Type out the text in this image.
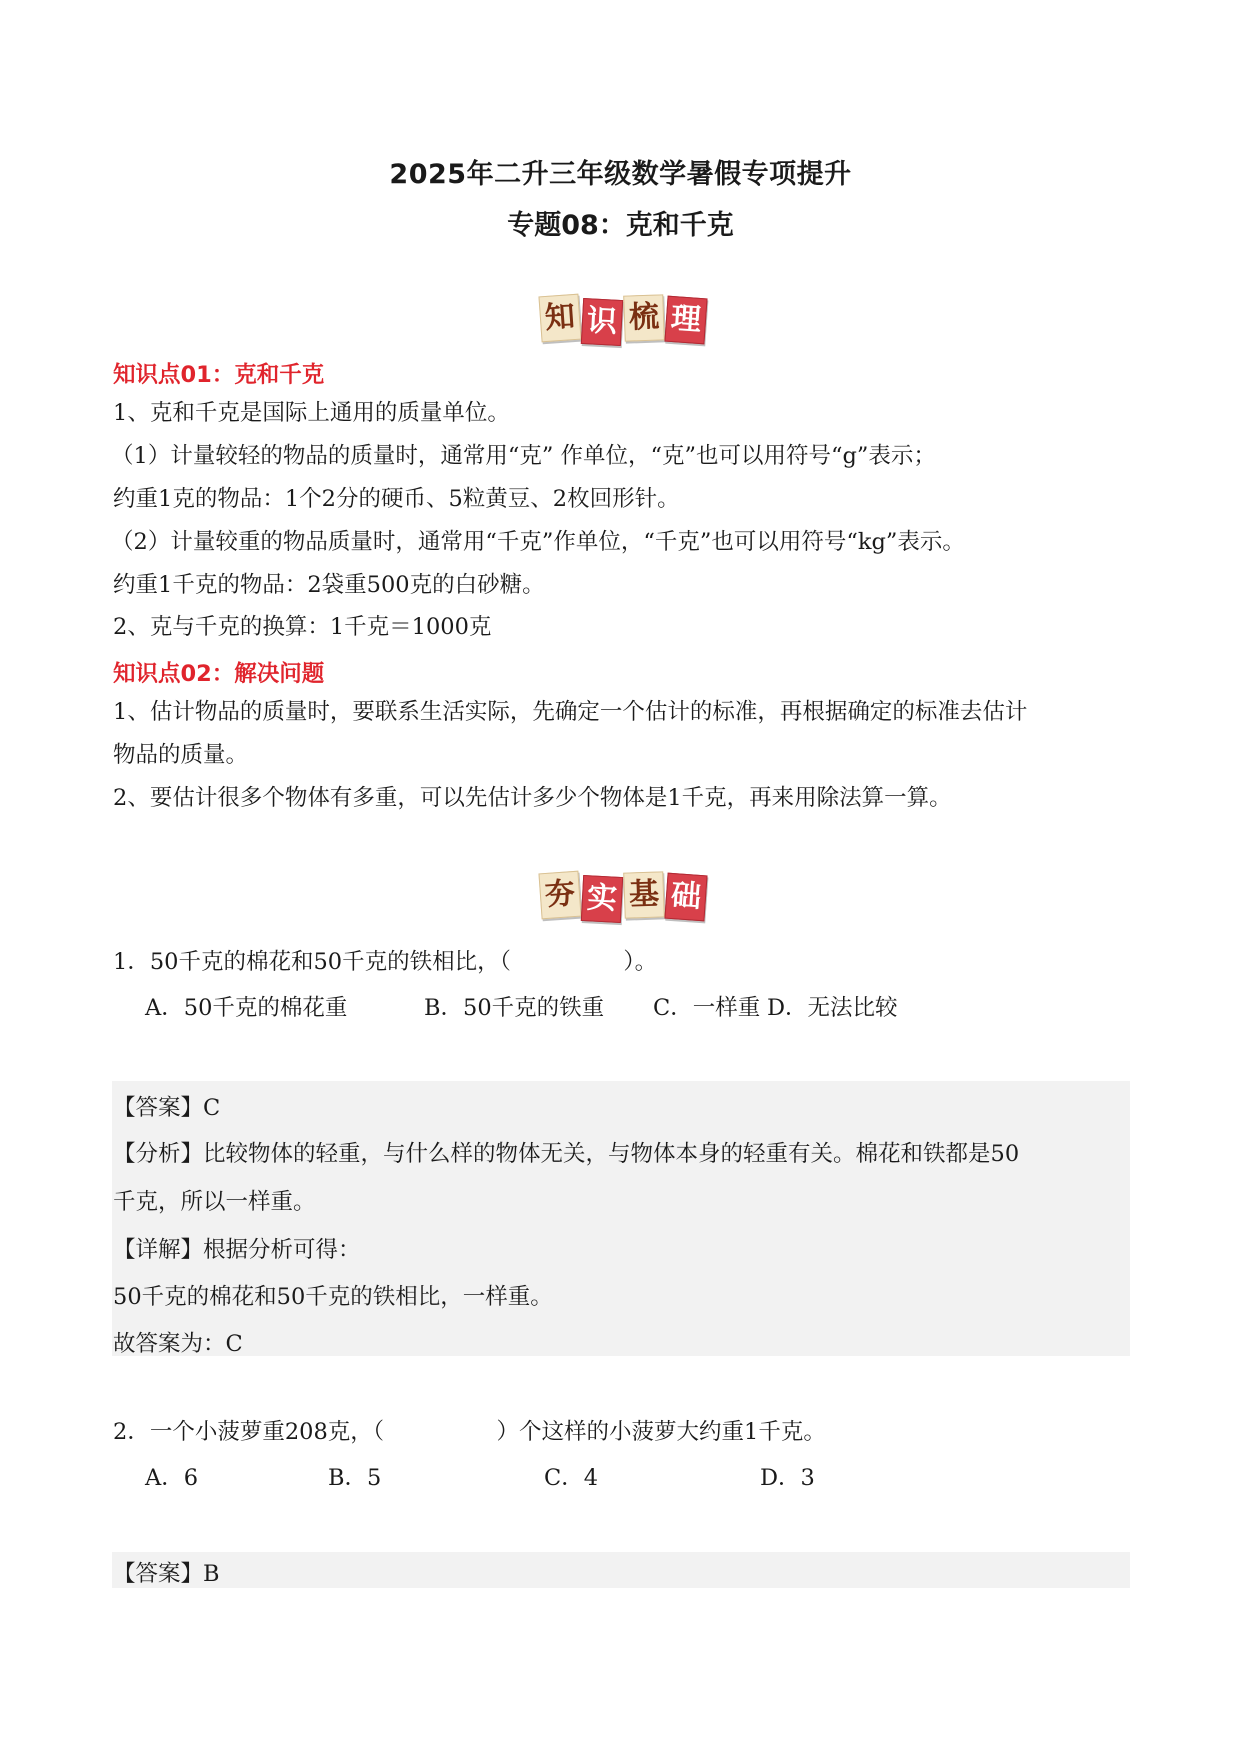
2025年二升三年级数学暑假专项提升
专题08：克和千克
知 识 梳 理
知识点01：克和千克
1、克和千克是国际上通用的质量单位。
（1）计量较轻的物品的质量时，通常用“克” 作单位，“克”也可以用符号“g”表示；
约重1克的物品：1个2分的硬币、5粒黄豆、2枚回形针。
（2）计量较重的物品质量时，通常用“千克”作单位，“千克”也可以用符号“kg”表示。
约重1千克的物品：2袋重500克的白砂糖。
2、克与千克的换算：1千克＝1000克
知识点02：解决问题
1、估计物品的质量时，要联系生活实际，先确定一个估计的标准，再根据确定的标准去估计
物品的质量。
2、要估计很多个物体有多重，可以先估计多少个物体是1千克，再来用除法算一算。
夯 实 基 础
1．50千克的棉花和50千克的铁相比，（　　　　　）。
A．50千克的棉花重	B．50千克的铁重 C．一样重 D．无法比较
【答案】C
【分析】比较物体的轻重，与什么样的物体无关，与物体本身的轻重有关。棉花和铁都是50
千克，所以一样重。
【详解】根据分析可得：
50千克的棉花和50千克的铁相比，一样重。
故答案为：C
2．一个小菠萝重208克，（　　　　　）个这样的小菠萝大约重1千克。
A．6	B．5	C．4	D．3
【答案】B
